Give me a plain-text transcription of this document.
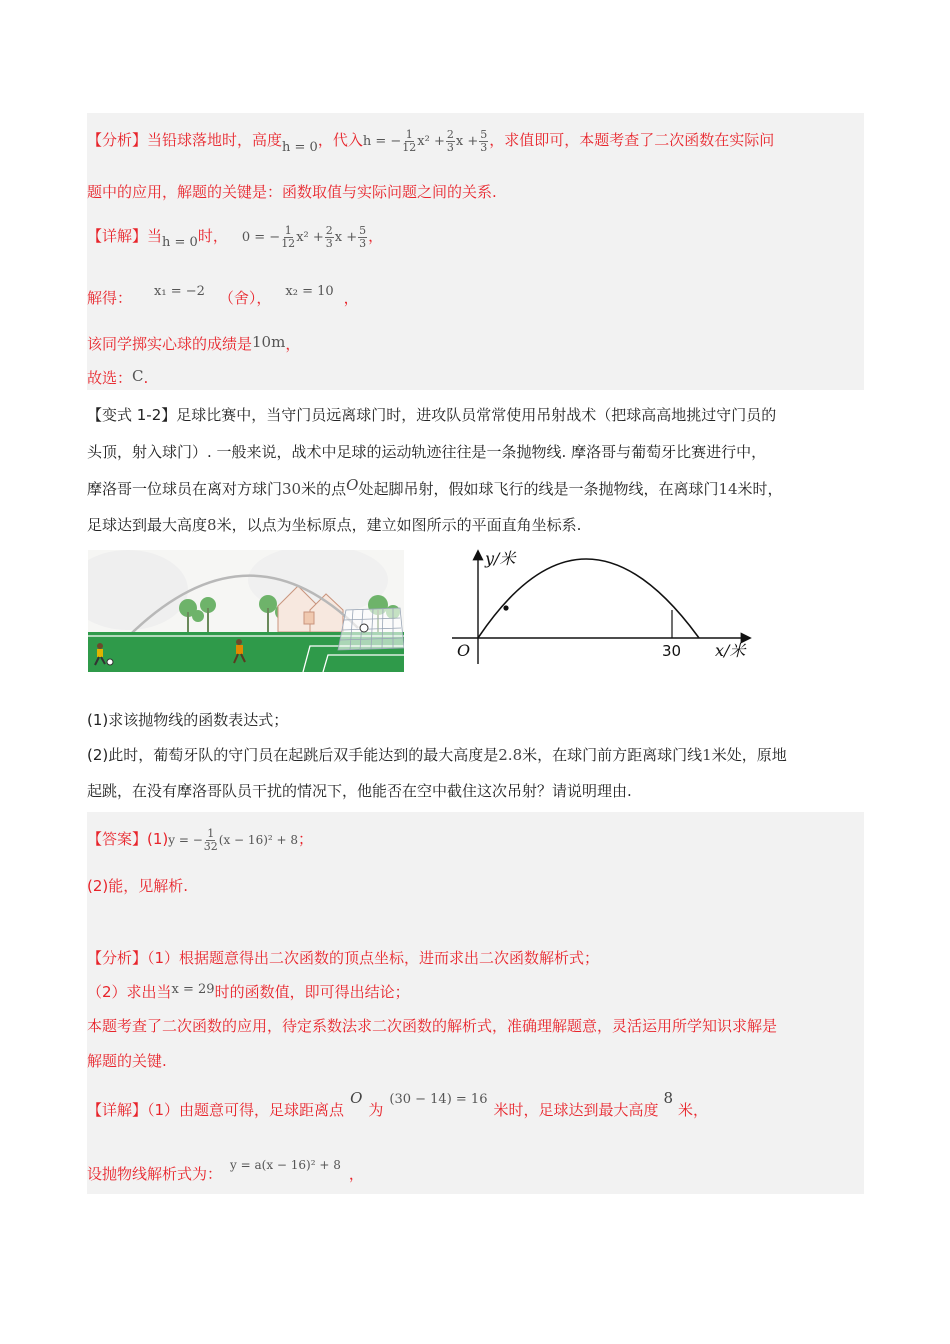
【分析】当铅球落地时，高度h = 0，代入h = − $\frac{1}{12} x^2 + \frac{2}{3}$ $x + \frac{5}{3}$ ，求值即可，本题考查了二次函数在实际问
题中的应用，解题的关键是：函数取值与实际问题之间的关系.
【详解】当h = 0时， 0 = − $\frac{1}{12} x^2 + \frac{2}{3}$ $x + \frac{5}{3}$ ，
解得： x₁ = −2 （舍）， x₂ = 10 ，
该同学掷实心球的成绩是10m，
故选：C.
【变式 1-2】足球比赛中，当守门员远离球门时，进攻队员常常使用吊射战术（把球高高地挑过守门员的
头顶，射入球门）. 一般来说，战术中足球的运动轨迹往往是一条抛物线. 摩洛哥与葡萄牙比赛进行中，
摩洛哥一位球员在离对方球门30米的点O处起脚吊射，假如球飞行的线是一条抛物线，在离球门14米时，
足球达到最大高度8米，以点为坐标原点，建立如图所示的平面直角坐标系.
y/米
x/米
O	30
(1)求该抛物线的函数表达式；
(2)此时，葡萄牙队的守门员在起跳后双手能达到的最大高度是2.8米，在球门前方距离球门线1米处，原地
起跳，在没有摩洛哥队员干扰的情况下，他能否在空中截住这次吊射？请说明理由.
【答案】(1)y = − $\frac{1}{32} (x - 16)^2 + 8$；
(2)能，见解析.
【分析】（1）根据题意得出二次函数的顶点坐标，进而求出二次函数解析式；
（2）求出当x = 29时的函数值，即可得出结论；
本题考查了二次函数的应用，待定系数法求二次函数的解析式，准确理解题意，灵活运用所学知识求解是
解题的关键.
【详解】（1）由题意可得，足球距离点O为(30 − 14) = 16米时，足球达到最大高度8米，
设抛物线解析式为： $^{y = a(x - 16)^2 + 8}$ ，
